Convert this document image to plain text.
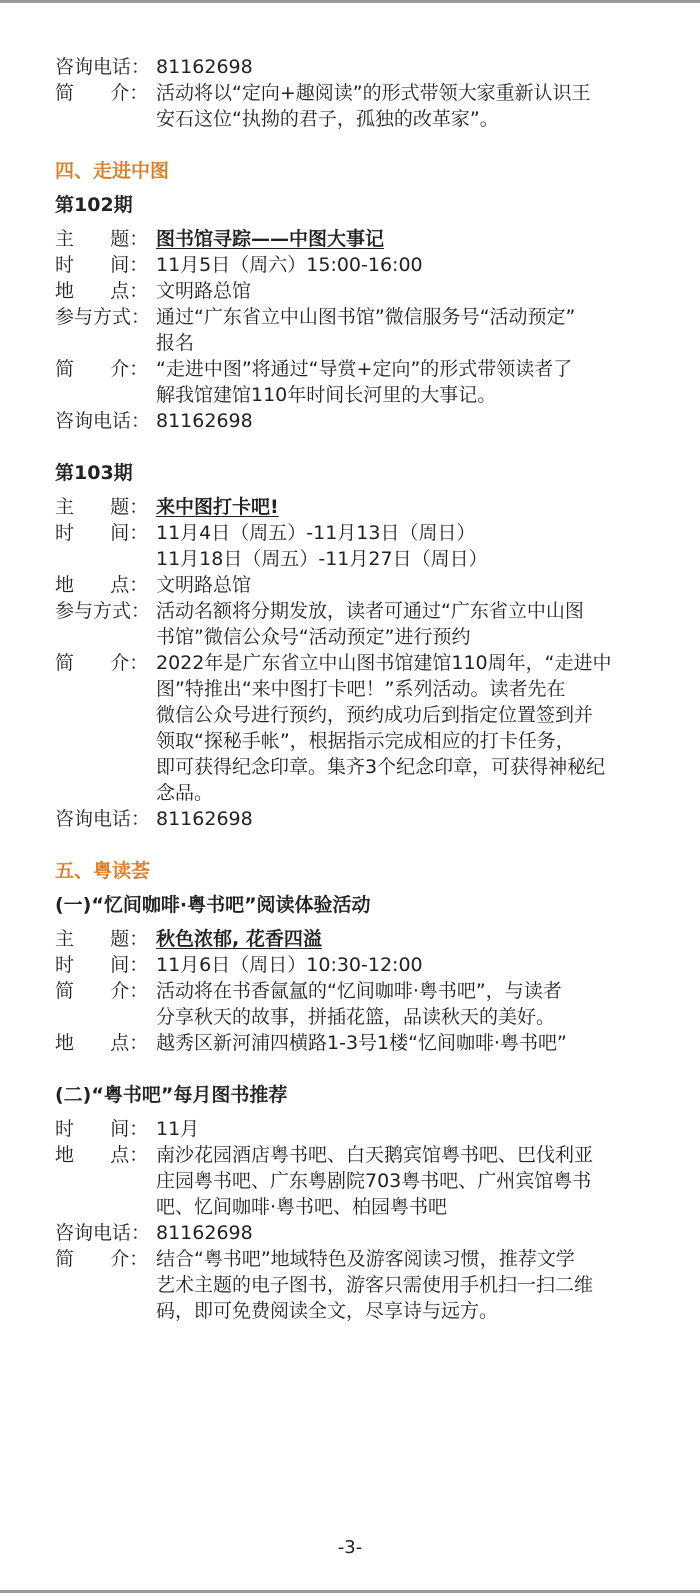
咨询电话： 81162698
简      介： 活动将以“定向+趣阅读”的形式带领大家重新认识王
安石这位“执拗的君子，孤独的改革家”。
四、走进中图
第102期
主      题： 图书馆寻踪——中图大事记
时      间： 11月5日（周六）15:00-16:00
地      点： 文明路总馆
参与方式： 通过“广东省立中山图书馆”微信服务号“活动预定”
报名
简      介： “走进中图”将通过“导赏+定向”的形式带领读者了
解我馆建馆110年时间长河里的大事记。
咨询电话： 81162698
第103期
主      题： 来中图打卡吧!
时      间： 11月4日（周五）-11月13日（周日）
11月18日（周五）-11月27日（周日）
地      点： 文明路总馆
参与方式： 活动名额将分期发放，读者可通过“广东省立中山图
书馆”微信公众号“活动预定”进行预约
简      介： 2022年是广东省立中山图书馆建馆110周年，“走进中
图”特推出“来中图打卡吧！”系列活动。读者先在
微信公众号进行预约，预约成功后到指定位置签到并
领取“探秘手帐”，根据指示完成相应的打卡任务，
即可获得纪念印章。集齐3个纪念印章，可获得神秘纪
念品。
咨询电话： 81162698
五、粤读荟
(一)“忆间咖啡·粤书吧”阅读体验活动
主      题： 秋色浓郁, 花香四溢
时      间： 11月6日（周日）10:30-12:00
简      介： 活动将在书香氤氲的“忆间咖啡·粤书吧”，与读者
分享秋天的故事，拼插花篮，品读秋天的美好。
地      点： 越秀区新河浦四横路1-3号1楼“忆间咖啡·粤书吧”
(二)“粤书吧”每月图书推荐
时      间： 11月
地      点： 南沙花园酒店粤书吧、白天鹅宾馆粤书吧、巴伐利亚
庄园粤书吧、广东粤剧院703粤书吧、广州宾馆粤书
吧、忆间咖啡·粤书吧、柏园粤书吧
咨询电话： 81162698
简      介： 结合“粤书吧”地域特色及游客阅读习惯，推荐文学
艺术主题的电子图书，游客只需使用手机扫一扫二维
码，即可免费阅读全文，尽享诗与远方。
-3-
